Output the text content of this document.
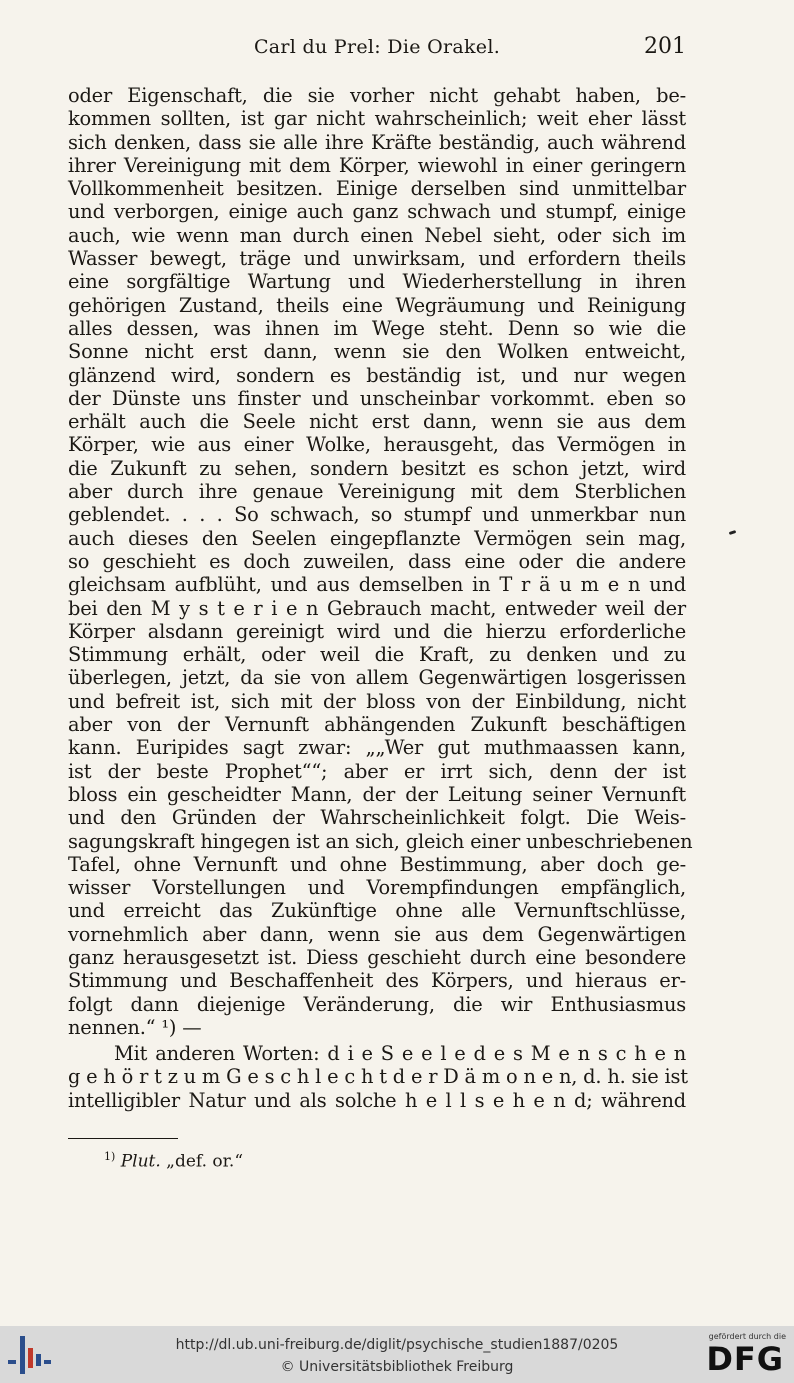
Carl du Prel: Die Orakel.	201
oder Eigenschaft, die sie vorher nicht gehabt haben, be-
kommen sollten, ist gar nicht wahrscheinlich; weit eher lässt
sich denken, dass sie alle ihre Kräfte beständig, auch während
ihrer Vereinigung mit dem Körper, wiewohl in einer geringern
Vollkommenheit besitzen. Einige derselben sind unmittelbar
und verborgen, einige auch ganz schwach und stumpf, einige
auch, wie wenn man durch einen Nebel sieht, oder sich im
Wasser bewegt, träge und unwirksam, und erfordern theils
eine sorgfältige Wartung und Wiederherstellung in ihren
gehörigen Zustand, theils eine Wegräumung und Reinigung
alles dessen, was ihnen im Wege steht. Denn so wie die
Sonne nicht erst dann, wenn sie den Wolken entweicht,
glänzend wird, sondern es beständig ist, und nur wegen
der Dünste uns finster und unscheinbar vorkommt. eben so
erhält auch die Seele nicht erst dann, wenn sie aus dem
Körper, wie aus einer Wolke, herausgeht, das Vermögen in
die Zukunft zu sehen, sondern besitzt es schon jetzt, wird
aber durch ihre genaue Vereinigung mit dem Sterblichen
geblendet. . . . So schwach, so stumpf und unmerkbar nun
auch dieses den Seelen eingepflanzte Vermögen sein mag,
so geschieht es doch zuweilen, dass eine oder die andere
gleichsam aufblüht, und aus demselben in T r ä u m e n und
bei den M y s t e r i e n Gebrauch macht, entweder weil der
Körper alsdann gereinigt wird und die hierzu erforderliche
Stimmung erhält, oder weil die Kraft, zu denken und zu
überlegen, jetzt, da sie von allem Gegenwärtigen losgerissen
und befreit ist, sich mit der bloss von der Einbildung, nicht
aber von der Vernunft abhängenden Zukunft beschäftigen
kann. Euripides sagt zwar: „„Wer gut muthmaassen kann,
ist der beste Prophet““; aber er irrt sich, denn der ist
bloss ein gescheidter Mann, der der Leitung seiner Vernunft
und den Gründen der Wahrscheinlichkeit folgt. Die Weis-
sagungskraft hingegen ist an sich, gleich einer unbeschriebenen
Tafel, ohne Vernunft und ohne Bestimmung, aber doch ge-
wisser Vorstellungen und Vorempfindungen empfänglich,
und erreicht das Zukünftige ohne alle Vernunftschlüsse,
vornehmlich aber dann, wenn sie aus dem Gegenwärtigen
ganz herausgesetzt ist. Diess geschieht durch eine besondere
Stimmung und Beschaffenheit des Körpers, und hieraus er-
folgt dann diejenige Veränderung, die wir Enthusiasmus
nennen.“ ¹) —
Mit anderen Worten: d i e S e e l e d e s M e n s c h e n
g e h ö r t z u m G e s c h l e c h t d e r D ä m o n e n, d. h. sie ist
intelligibler Natur und als solche h e l l s e h e n d; während
$^{1)}$ Plut. „def. or.“
http://dl.ub.uni-freiburg.de/diglit/psychische_studien1887/0205
© Universitätsbibliothek Freiburg
gefördert durch die
DFG
